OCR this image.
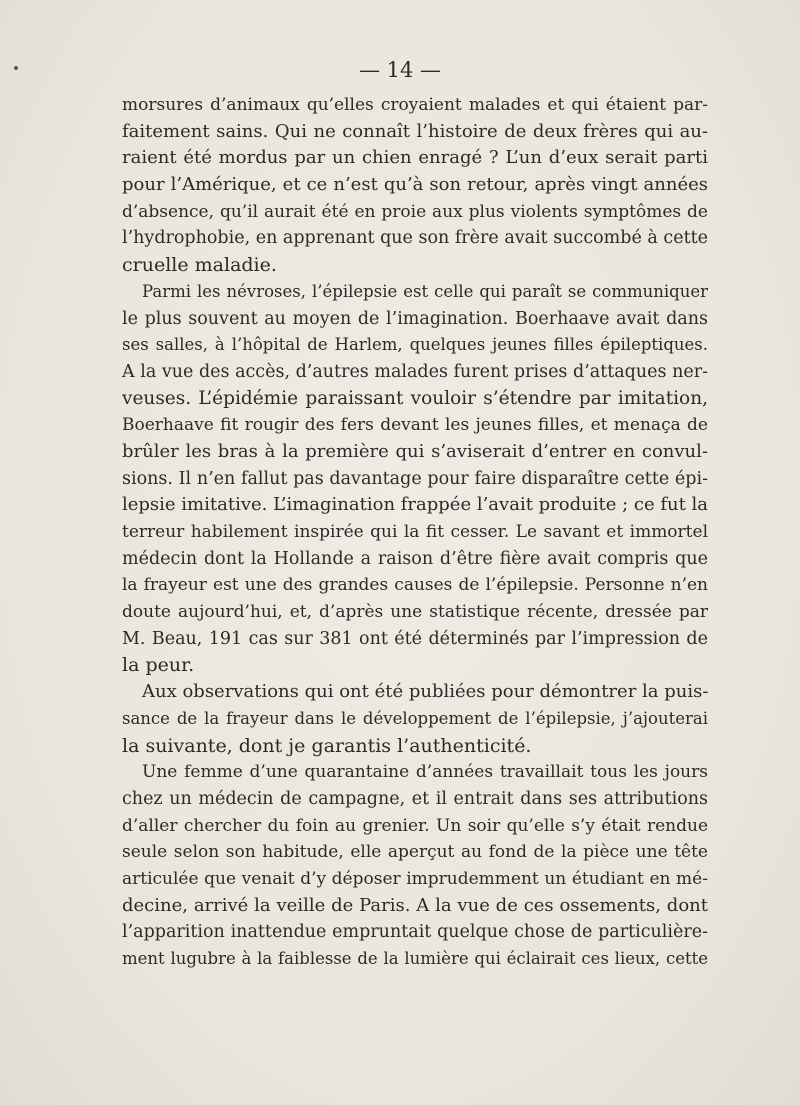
— 14 —
morsures d’animaux qu’elles croyaient malades et qui étaient par-
faitement sains. Qui ne connaît l’histoire de deux frères qui au-
raient été mordus par un chien enragé ? L’un d’eux serait parti
pour l’Amérique, et ce n’est qu’à son retour, après vingt années
d’absence, qu’il aurait été en proie aux plus violents symptômes de
l’hydrophobie, en apprenant que son frère avait succombé à cette
cruelle maladie.
Parmi les névroses, l’épilepsie est celle qui paraît se communiquer
le plus souvent au moyen de l’imagination. Boerhaave avait dans
ses salles, à l’hôpital de Harlem, quelques jeunes filles épileptiques.
A la vue des accès, d’autres malades furent prises d’attaques ner-
veuses. L’épidémie paraissant vouloir s’étendre par imitation,
Boerhaave fit rougir des fers devant les jeunes filles, et menaça de
brûler les bras à la première qui s’aviserait d’entrer en convul-
sions. Il n’en fallut pas davantage pour faire disparaître cette épi-
lepsie imitative. L’imagination frappée l’avait produite ; ce fut la
terreur habilement inspirée qui la fit cesser. Le savant et immortel
médecin dont la Hollande a raison d’être fière avait compris que
la frayeur est une des grandes causes de l’épilepsie. Personne n’en
doute aujourd’hui, et, d’après une statistique récente, dressée par
M. Beau, 191 cas sur 381 ont été déterminés par l’impression de
la peur.
Aux observations qui ont été publiées pour démontrer la puis-
sance de la frayeur dans le développement de l’épilepsie, j’ajouterai
la suivante, dont je garantis l’authenticité.
Une femme d’une quarantaine d’années travaillait tous les jours
chez un médecin de campagne, et il entrait dans ses attributions
d’aller chercher du foin au grenier. Un soir qu’elle s’y était rendue
seule selon son habitude, elle aperçut au fond de la pièce une tête
articulée que venait d’y déposer imprudemment un étudiant en mé-
decine, arrivé la veille de Paris. A la vue de ces ossements, dont
l’apparition inattendue empruntait quelque chose de particulière-
ment lugubre à la faiblesse de la lumière qui éclairait ces lieux, cette
